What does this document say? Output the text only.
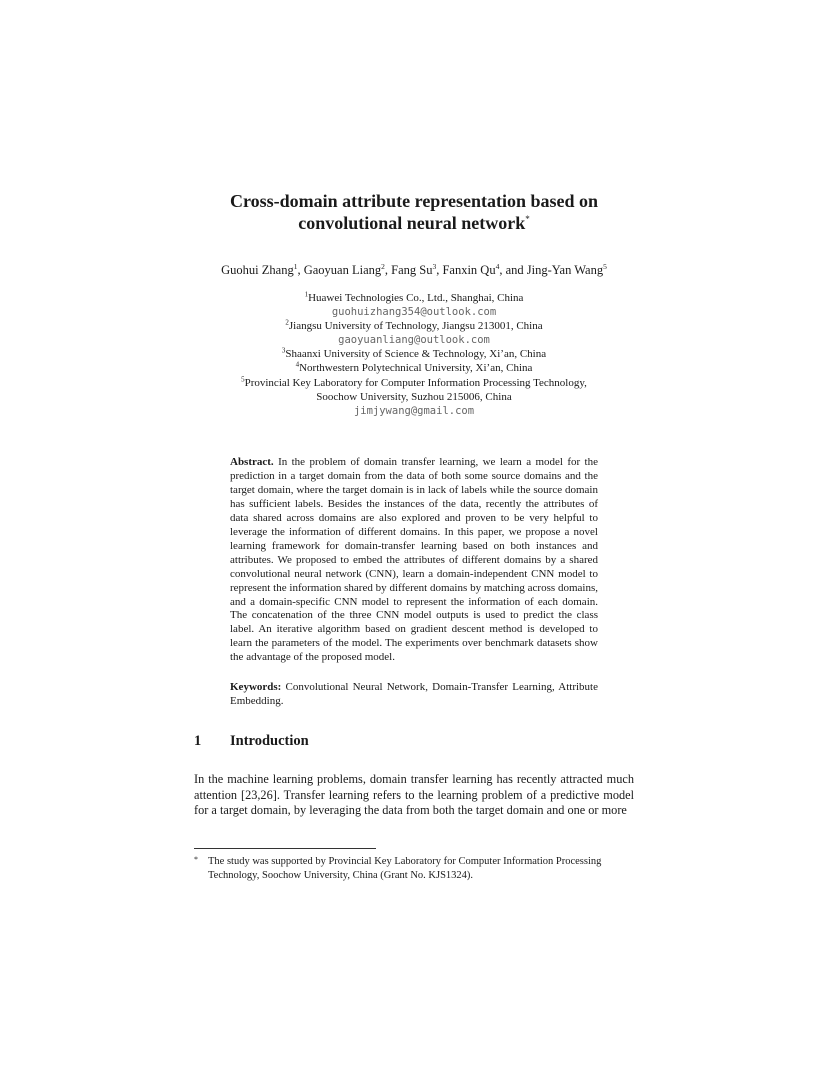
Cross-domain attribute representation based on
convolutional neural network*
Guohui Zhang$^1$, Gaoyuan Liang$^2$, Fang Su$^3$, Fanxin Qu$^4$, and Jing-Yan Wang$^5$
$^1$Huawei Technologies Co., Ltd., Shanghai, China
guohuizhang354@outlook.com
$^2$Jiangsu University of Technology, Jiangsu 213001, China
gaoyuanliang@outlook.com
$^3$Shaanxi University of Science & Technology, Xi’an, China
$^4$Northwestern Polytechnical University, Xi’an, China
$^5$Provincial Key Laboratory for Computer Information Processing Technology,
Soochow University, Suzhou 215006, China
jimjywang@gmail.com
Abstract. In the problem of domain transfer learning, we learn a model for the prediction in a target domain from the data of both some source domains and the target domain, where the target domain is in lack of labels while the source domain has sufficient labels. Besides the instances of the data, recently the attributes of data shared across domains are also explored and proven to be very helpful to leverage the information of different domains. In this paper, we propose a novel learning framework for domain-transfer learning based on both instances and attributes. We proposed to embed the attributes of different domains by a shared convolutional neural network (CNN), learn a domain-independent CNN model to represent the information shared by different domains by matching across domains, and a domain-specific CNN model to represent the information of each domain. The concatenation of the three CNN model outputs is used to predict the class label. An iterative algorithm based on gradient descent method is developed to learn the parameters of the model. The experiments over benchmark datasets show the advantage of the proposed model.
Keywords: Convolutional Neural Network, Domain-Transfer Learning, Attribute Embedding.
1 Introduction
In the machine learning problems, domain transfer learning has recently attracted much attention [23,26]. Transfer learning refers to the learning problem of a predictive model for a target domain, by leveraging the data from both the target domain and one or more
* The study was supported by Provincial Key Laboratory for Computer Information Processing Technology, Soochow University, China (Grant No. KJS1324).
